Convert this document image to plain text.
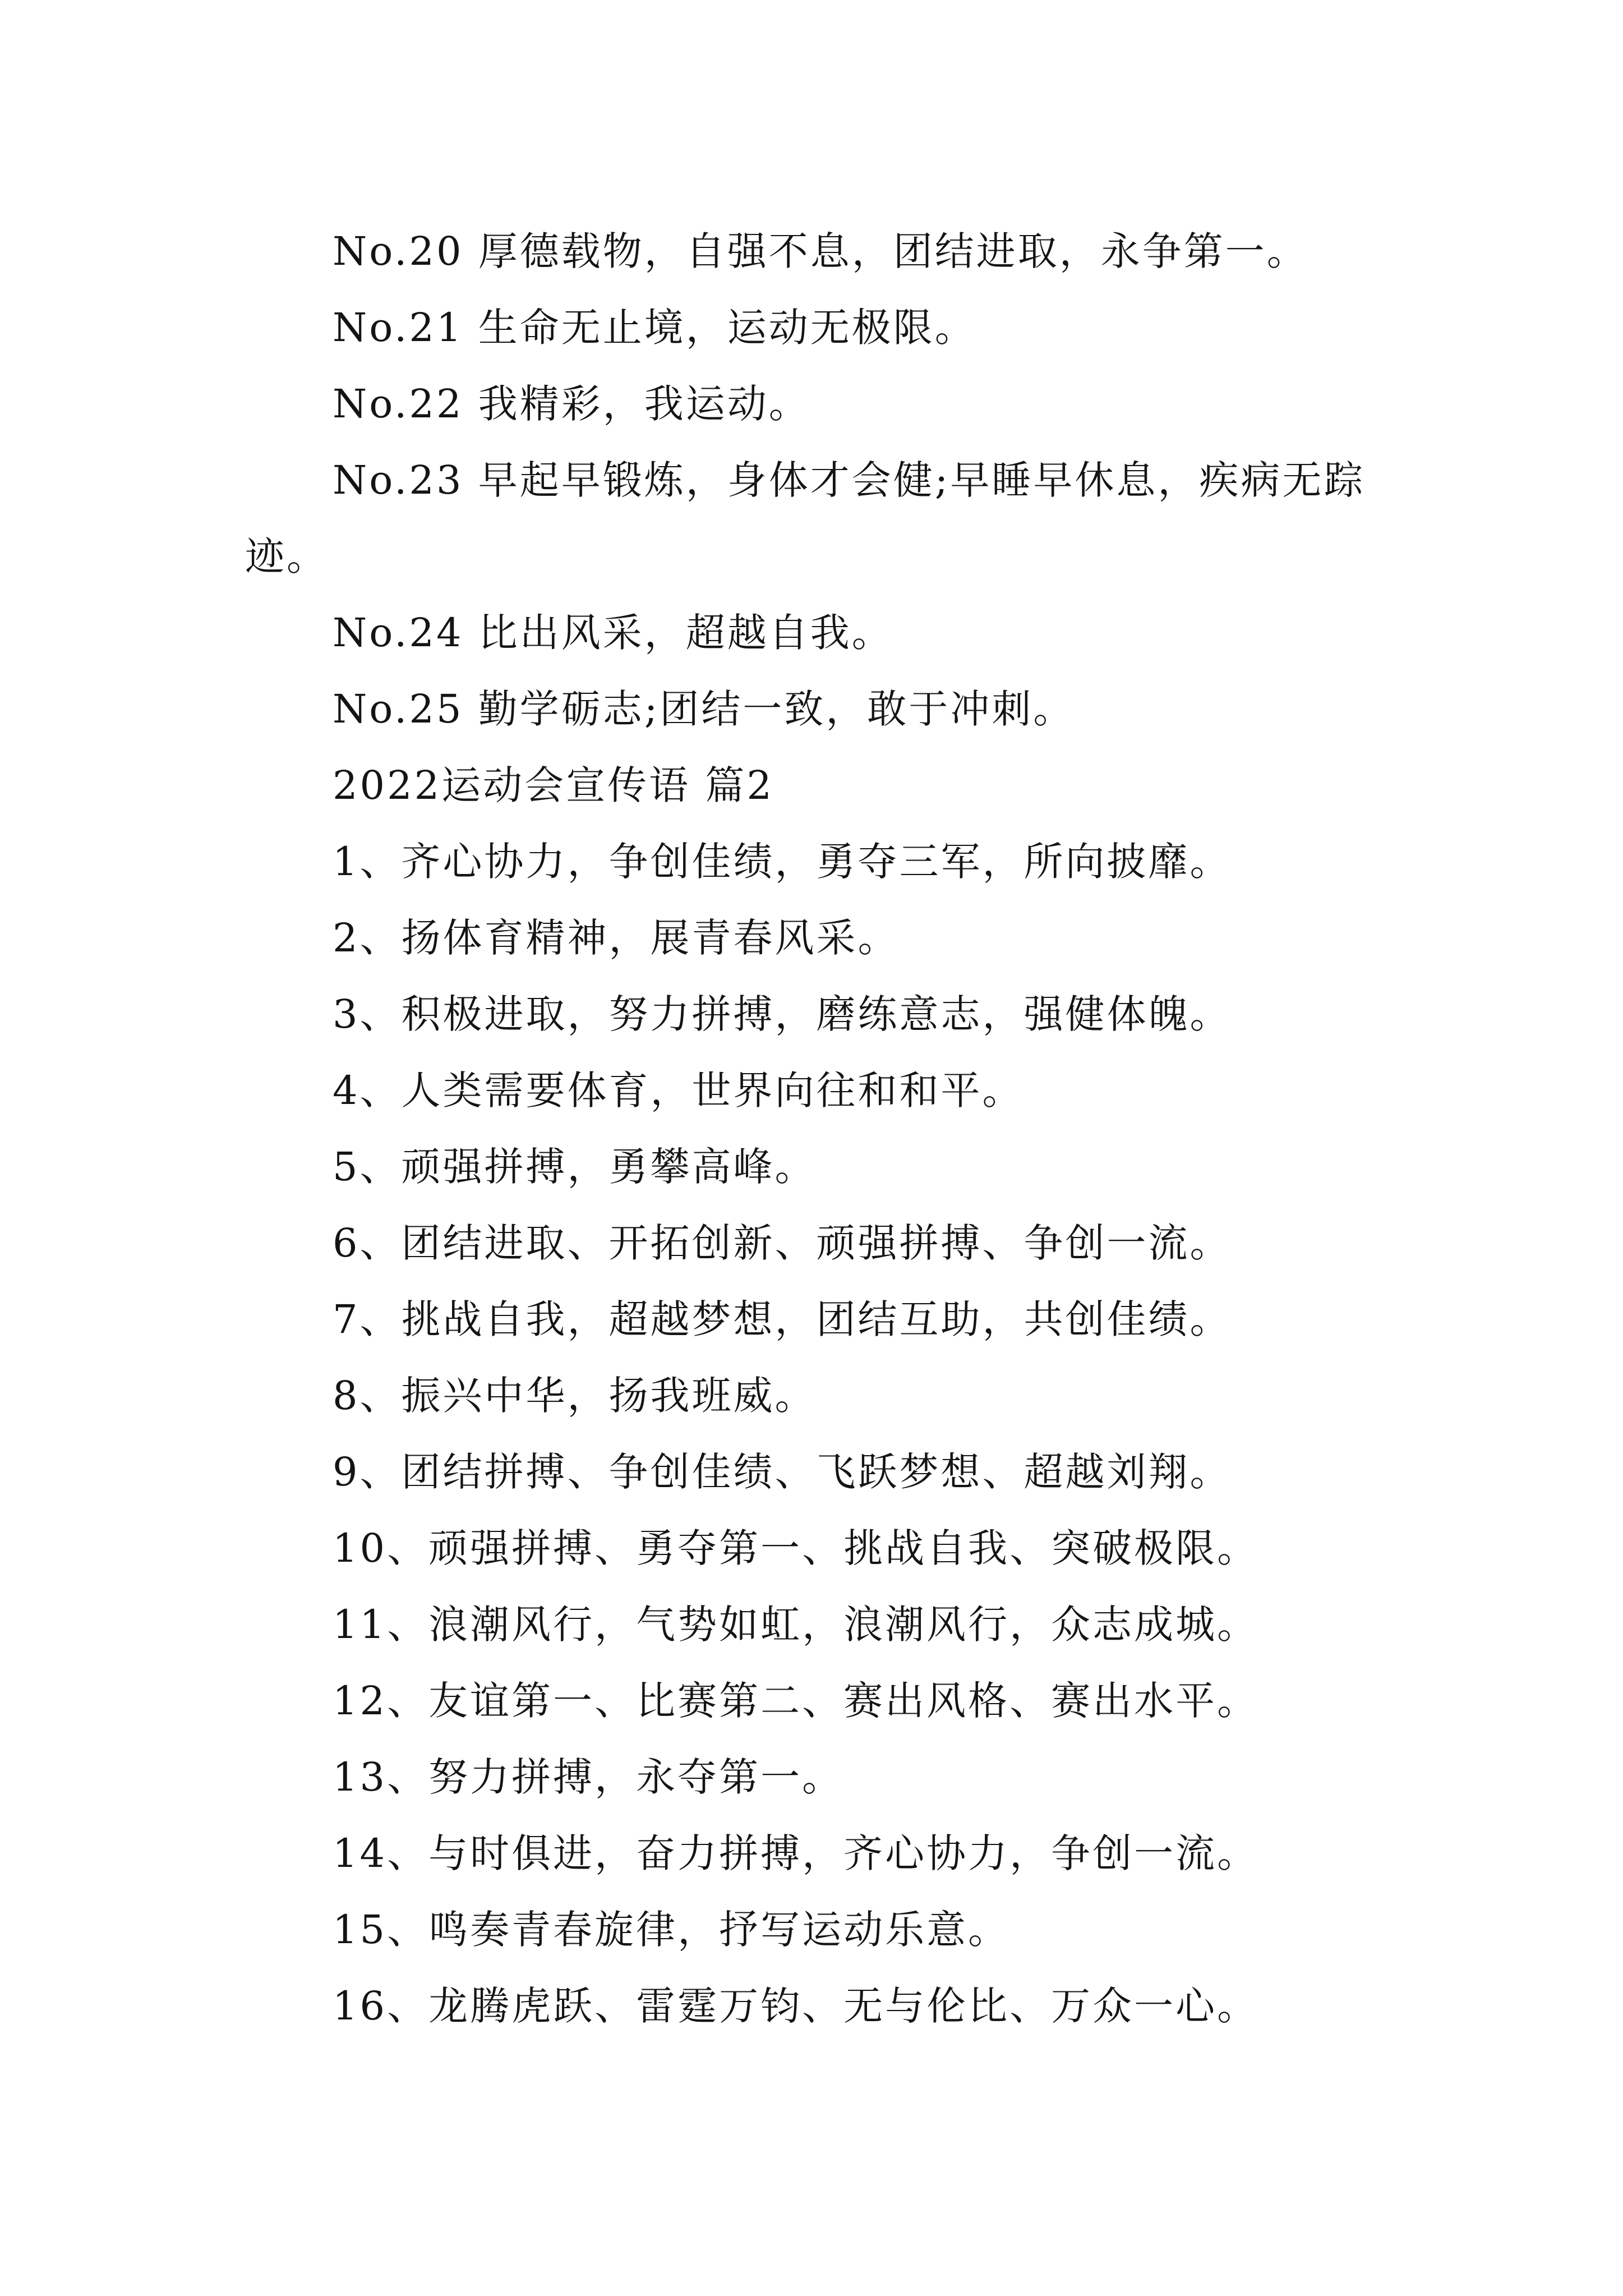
No.20 厚德载物，自强不息，团结进取，永争第一。

No.21 生命无止境，运动无极限。

No.22 我精彩，我运动。

No.23 早起早锻炼，身体才会健;早睡早休息，疾病无踪迹。

No.24 比出风采，超越自我。

No.25 勤学砺志;团结一致，敢于冲刺。

2022运动会宣传语 篇2

1、齐心协力，争创佳绩，勇夺三军，所向披靡。

2、扬体育精神，展青春风采。

3、积极进取，努力拼搏，磨练意志，强健体魄。

4、人类需要体育，世界向往和和平。

5、顽强拼搏，勇攀高峰。

6、团结进取、开拓创新、顽强拼搏、争创一流。

7、挑战自我，超越梦想，团结互助，共创佳绩。

8、振兴中华，扬我班威。

9、团结拼搏、争创佳绩、飞跃梦想、超越刘翔。

10、顽强拼搏、勇夺第一、挑战自我、突破极限。

11、浪潮风行，气势如虹，浪潮风行，众志成城。

12、友谊第一、比赛第二、赛出风格、赛出水平。

13、努力拼搏，永夺第一。

14、与时俱进，奋力拼搏，齐心协力，争创一流。

15、鸣奏青春旋律，抒写运动乐意。

16、龙腾虎跃、雷霆万钧、无与伦比、万众一心。
